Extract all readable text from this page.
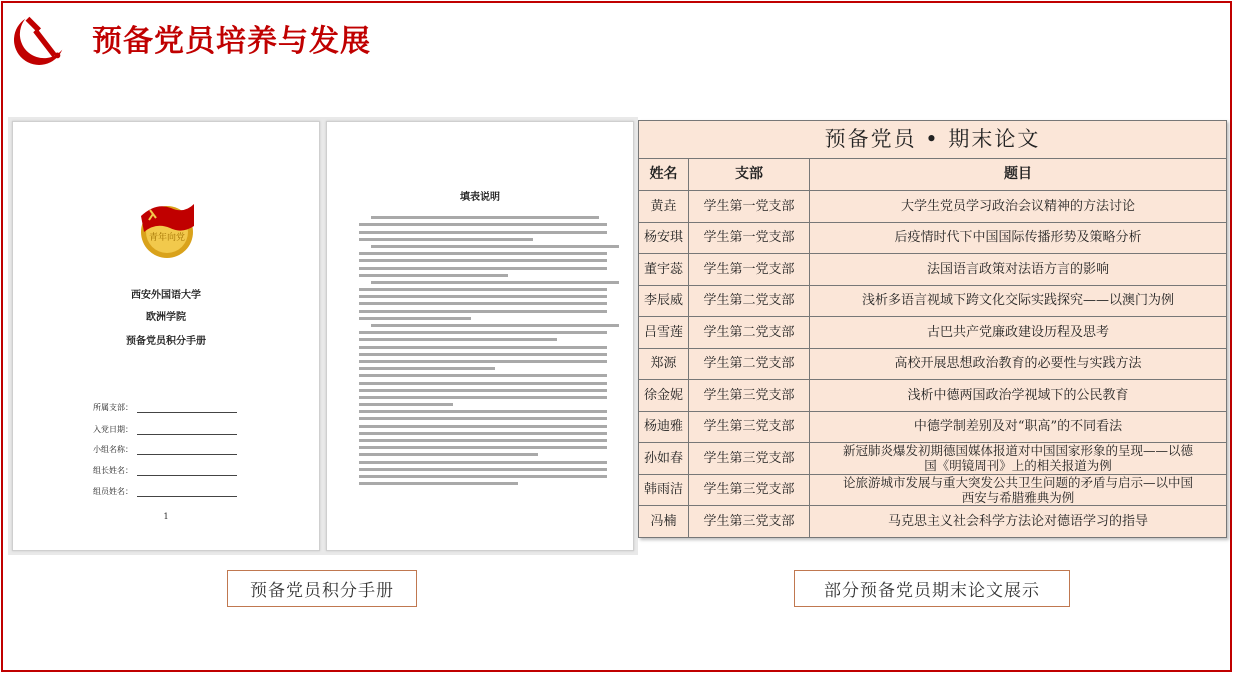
预备党员培养与发展
青年向党
西安外国语大学
欧洲学院
预备党员积分手册
所属支部：
入党日期：
小组名称：
组长姓名：
组员姓名：
1
填表说明
预备党员 • 期末论文		
姓名	支部	题目
黄垚	学生第一党支部	大学生党员学习政治会议精神的方法讨论
杨安琪	学生第一党支部	后疫情时代下中国国际传播形势及策略分析
董宇蕊	学生第一党支部	法国语言政策对法语方言的影响
李辰威	学生第二党支部	浅析多语言视域下跨文化交际实践探究——以澳门为例
吕雪莲	学生第二党支部	古巴共产党廉政建设历程及思考
郑源	学生第二党支部	高校开展思想政治教育的必要性与实践方法
徐金妮	学生第三党支部	浅析中德两国政治学视域下的公民教育
杨迪雅	学生第三党支部	中德学制差别及对“职高”的不同看法
孙如春	学生第三党支部	新冠肺炎爆发初期德国媒体报道对中国国家形象的呈现——以德国《明镜周刊》上的相关报道为例
韩雨洁	学生第三党支部	论旅游城市发展与重大突发公共卫生问题的矛盾与启示—以中国西安与希腊雅典为例
冯楠	学生第三党支部	马克思主义社会科学方法论对德语学习的指导
预备党员积分手册	部分预备党员期末论文展示
